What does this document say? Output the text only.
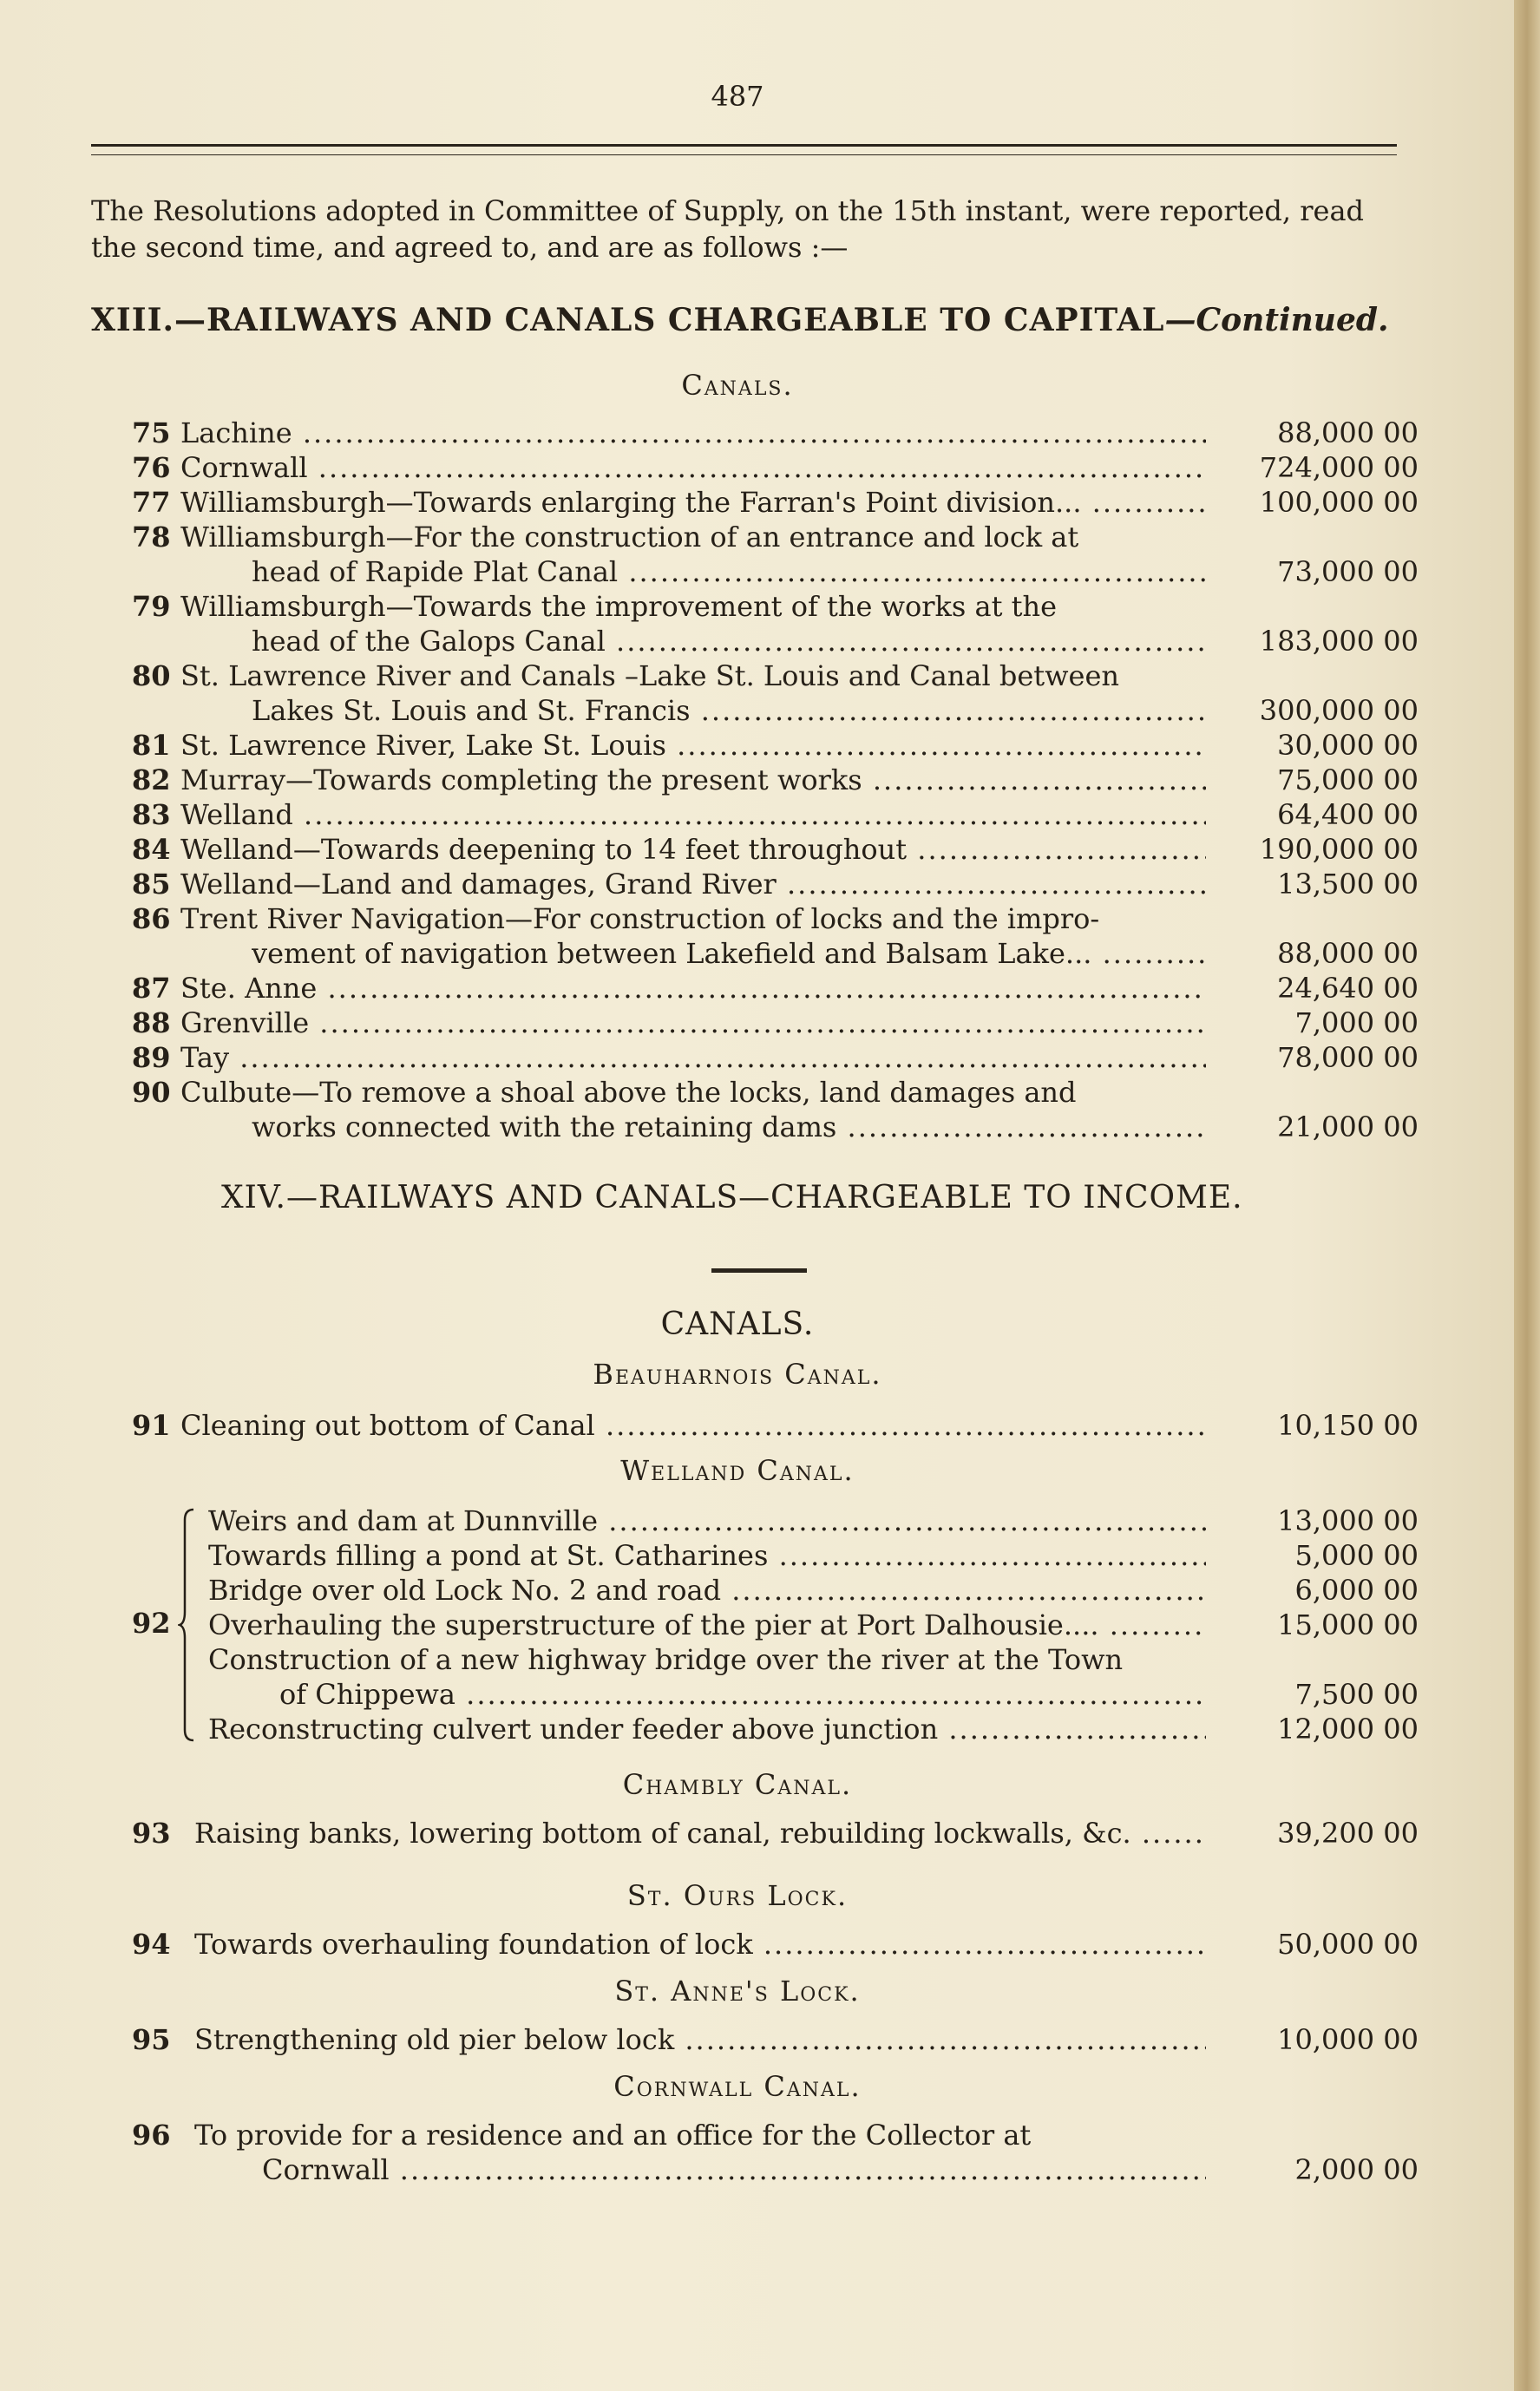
487
The Resolutions adopted in Committee of Supply, on the 15th instant, were reported, read the second time, and agreed to, and are as follows :—
XIII.—RAILWAYS AND CANALS CHARGEABLE TO CAPITAL—Continued.
Canals.
75 Lachine .....	88,000 00
76 Cornwall .....	724,000 00
77 Williamsburgh—Towards enlarging the Farran's Point division... .....	100,000 00
78 Williamsburgh—For the construction of an entrance and lock at
head of Rapide Plat Canal .....	73,000 00
79 Williamsburgh—Towards the improvement of the works at the
head of the Galops Canal .....	183,000 00
80 St. Lawrence River and Canals –Lake St. Louis and Canal between
Lakes St. Louis and St. Francis .....	300,000 00
81 St. Lawrence River, Lake St. Louis .....	30,000 00
82 Murray—Towards completing the present works .....	75,000 00
83 Welland .....	64,400 00
84 Welland—Towards deepening to 14 feet throughout .....	190,000 00
85 Welland—Land and damages, Grand River .....	13,500 00
86 Trent River Navigation—For construction of locks and the impro-
vement of navigation between Lakefield and Balsam Lake... .....	88,000 00
87 Ste. Anne .....	24,640 00
88 Grenville .....	7,000 00
89 Tay .....	78,000 00
90 Culbute—To remove a shoal above the locks, land damages and
works connected with the retaining dams .....	21,000 00
XIV.—RAILWAYS AND CANALS—CHARGEABLE TO INCOME.
CANALS.
Beauharnois Canal.
91 Cleaning out bottom of Canal .....	10,150 00
Welland Canal.
92
Weirs and dam at Dunnville .....	13,000 00
Towards filling a pond at St. Catharines .....	5,000 00
Bridge over old Lock No. 2 and road .....	6,000 00
Overhauling the superstructure of the pier at Port Dalhousie.... .....	15,000 00
Construction of a new highway bridge over the river at the Town
of Chippewa .....	7,500 00
Reconstructing culvert under feeder above junction .....	12,000 00
Chambly Canal.
93 Raising banks, lowering bottom of canal, rebuilding lockwalls, &c. .....	39,200 00
St. Ours Lock.
94 Towards overhauling foundation of lock .....	50,000 00
St. Anne's Lock.
95 Strengthening old pier below lock .....	10,000 00
Cornwall Canal.
96 To provide for a residence and an office for the Collector at
Cornwall .....	2,000 00
